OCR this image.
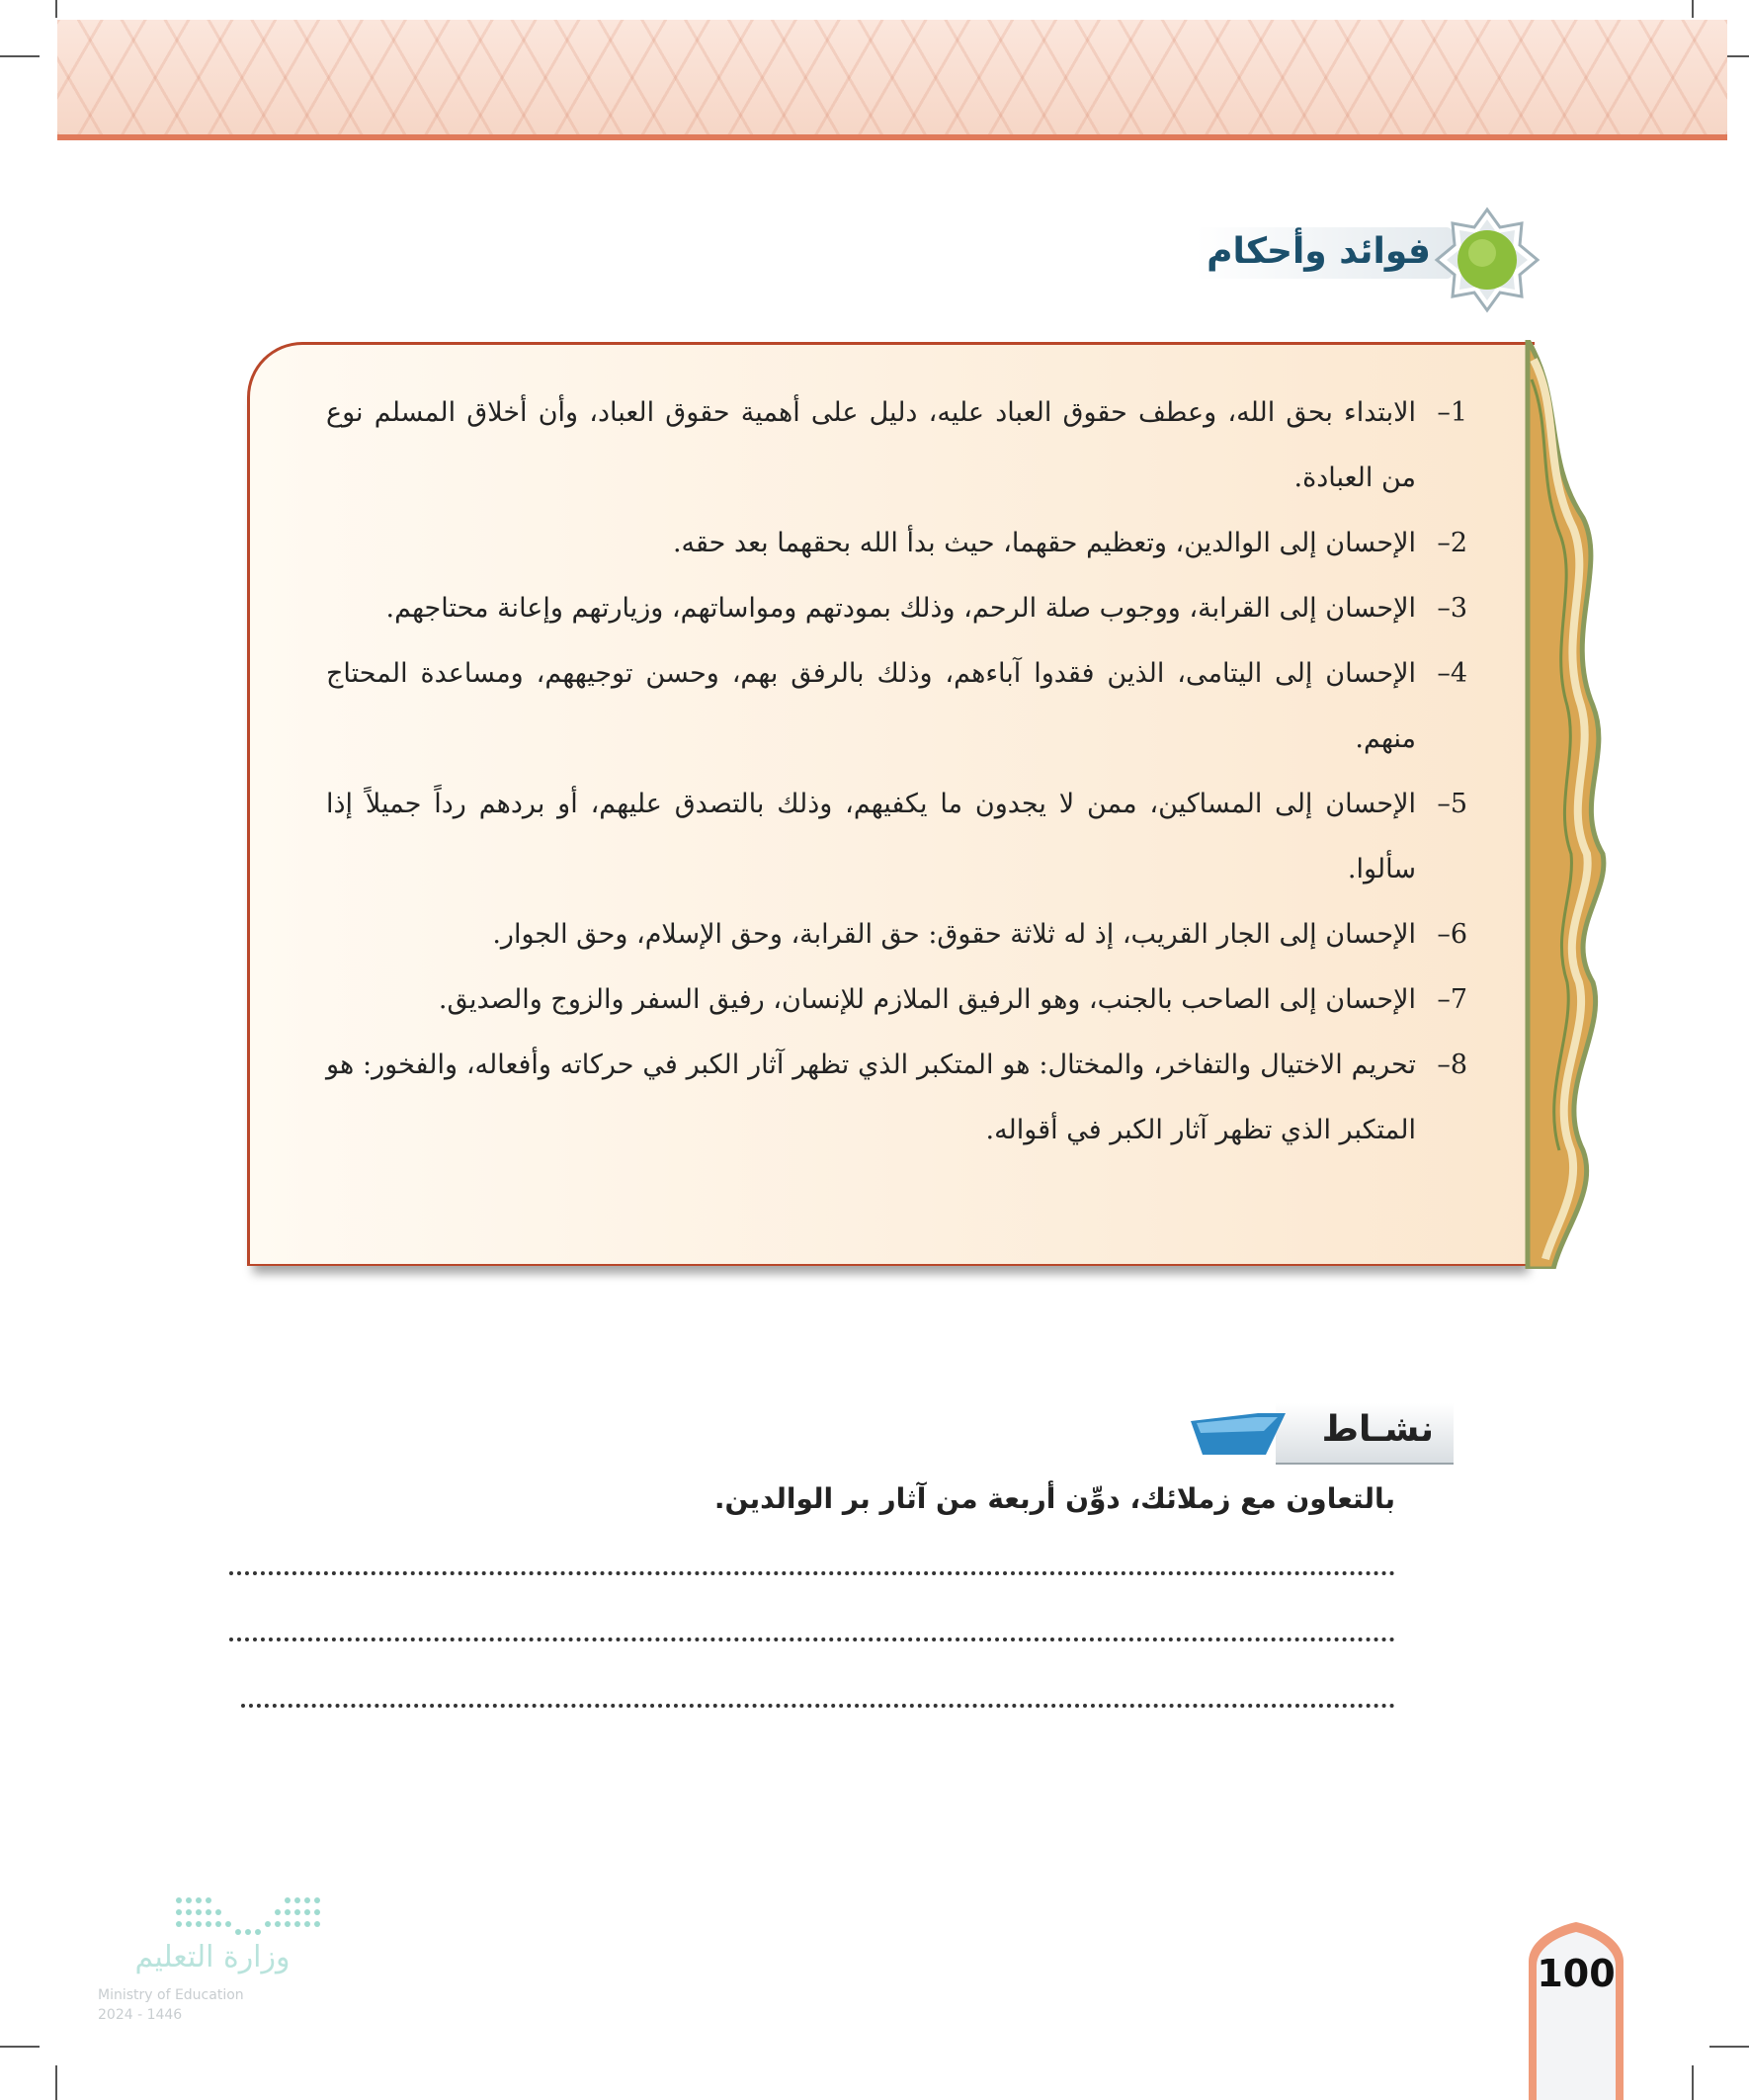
فوائد وأحكام
1–
الابتداء بحق الله، وعطف حقوق العباد عليه، دليل على أهمية حقوق العباد، وأن أخلاق المسلم نوع من العبادة.
2–
الإحسان إلى الوالدين، وتعظيم حقهما، حيث بدأ الله بحقهما بعد حقه.
3–
الإحسان إلى القرابة، ووجوب صلة الرحم، وذلك بمودتهم ومواساتهم، وزيارتهم وإعانة محتاجهم.
4–
الإحسان إلى اليتامى، الذين فقدوا آباءهم، وذلك بالرفق بهم، وحسن توجيههم، ومساعدة المحتاج منهم.
5–
الإحسان إلى المساكين، ممن لا يجدون ما يكفيهم، وذلك بالتصدق عليهم، أو بردهم رداً جميلاً إذا سألوا.
6–
الإحسان إلى الجار القريب، إذ له ثلاثة حقوق: حق القرابة، وحق الإسلام، وحق الجوار.
7–
الإحسان إلى الصاحب بالجنب، وهو الرفيق الملازم للإنسان، رفيق السفر والزوج والصديق.
8–
تحريم الاختيال والتفاخر، والمختال: هو المتكبر الذي تظهر آثار الكبر في حركاته وأفعاله، والفخور: هو المتكبر الذي تظهر آثار الكبر في أقواله.
نشـاط
بالتعاون مع زملائك، دوِّن أربعة من آثار بر الوالدين.
وزارة التعليم
Ministry of Education
2024 - 1446
100
